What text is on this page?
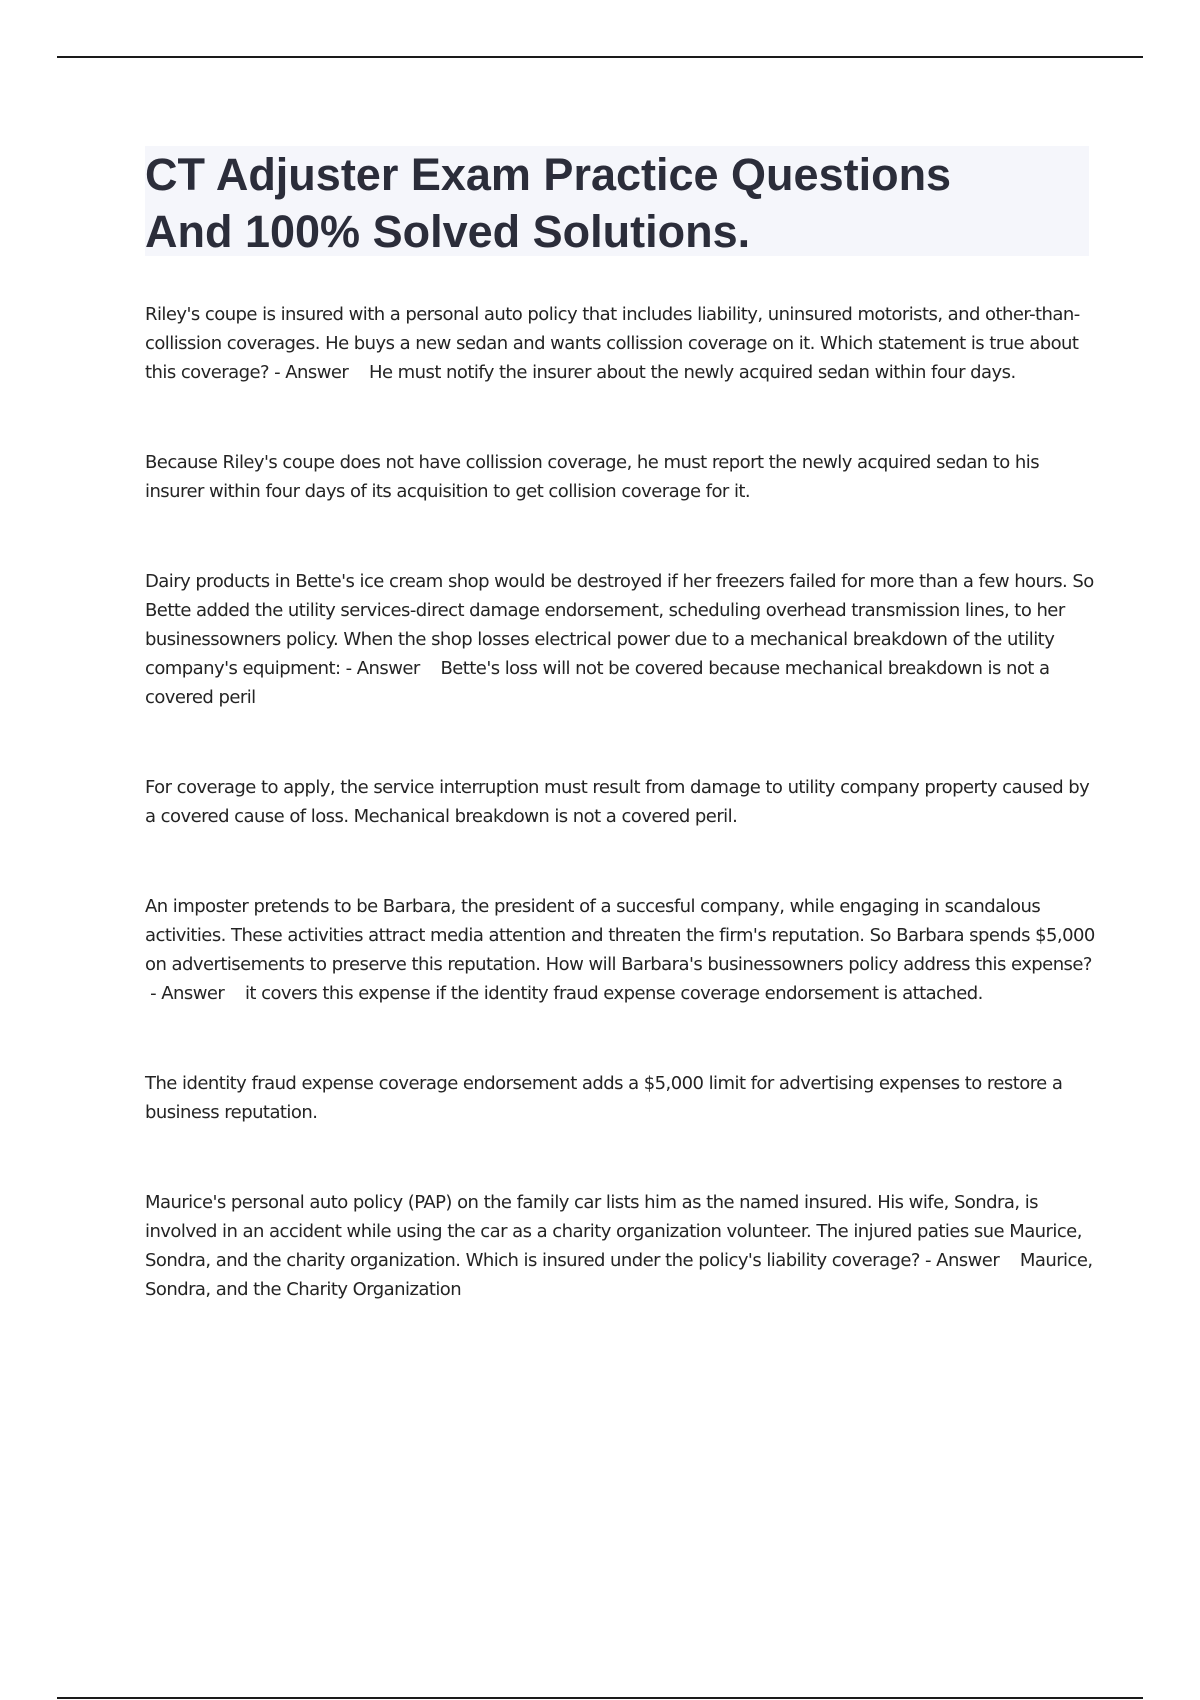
CT Adjuster Exam Practice Questions
And 100% Solved Solutions.

Riley's coupe is insured with a personal auto policy that includes liability, uninsured motorists, and other-than-collission coverages. He buys a new sedan and wants collission coverage on it. Which statement is true about this coverage? - Answer    He must notify the insurer about the newly acquired sedan within four days.

Because Riley's coupe does not have collission coverage, he must report the newly acquired sedan to his insurer within four days of its acquisition to get collision coverage for it.

Dairy products in Bette's ice cream shop would be destroyed if her freezers failed for more than a few hours. So Bette added the utility services-direct damage endorsement, scheduling overhead transmission lines, to her businessowners policy. When the shop losses electrical power due to a mechanical breakdown of the utility company's equipment: - Answer    Bette's loss will not be covered because mechanical breakdown is not a covered peril

For coverage to apply, the service interruption must result from damage to utility company property caused by a covered cause of loss. Mechanical breakdown is not a covered peril.

An imposter pretends to be Barbara, the president of a succesful company, while engaging in scandalous activities. These activities attract media attention and threaten the firm's reputation. So Barbara spends $5,000 on advertisements to preserve this reputation. How will Barbara's businessowners policy address this expense? - Answer    it covers this expense if the identity fraud expense coverage endorsement is attached.

The identity fraud expense coverage endorsement adds a $5,000 limit for advertising expenses to restore a business reputation.

Maurice's personal auto policy (PAP) on the family car lists him as the named insured. His wife, Sondra, is involved in an accident while using the car as a charity organization volunteer. The injured paties sue Maurice, Sondra, and the charity organization. Which is insured under the policy's liability coverage? - Answer    Maurice, Sondra, and the Charity Organization
